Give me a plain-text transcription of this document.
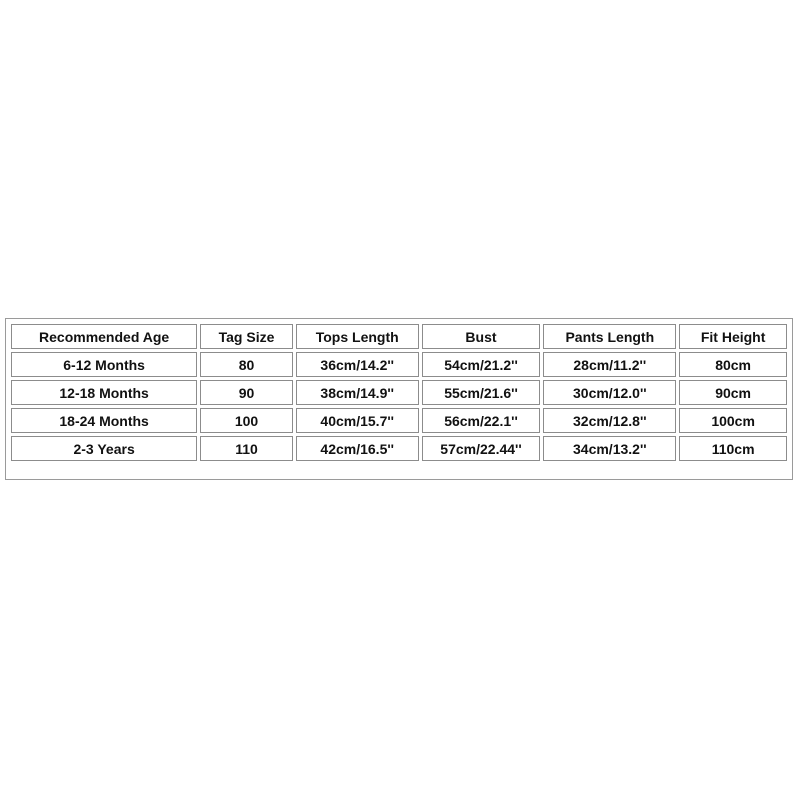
Recommended Age	Tag Size	Tops Length	Bust	Pants Length	Fit Height
6-12 Months	80	36cm/14.2''	54cm/21.2''	28cm/11.2''	80cm
12-18 Months	90	38cm/14.9''	55cm/21.6''	30cm/12.0''	90cm
18-24 Months	100	40cm/15.7''	56cm/22.1''	32cm/12.8''	100cm
2-3 Years	110	42cm/16.5''	57cm/22.44''	34cm/13.2''	110cm
